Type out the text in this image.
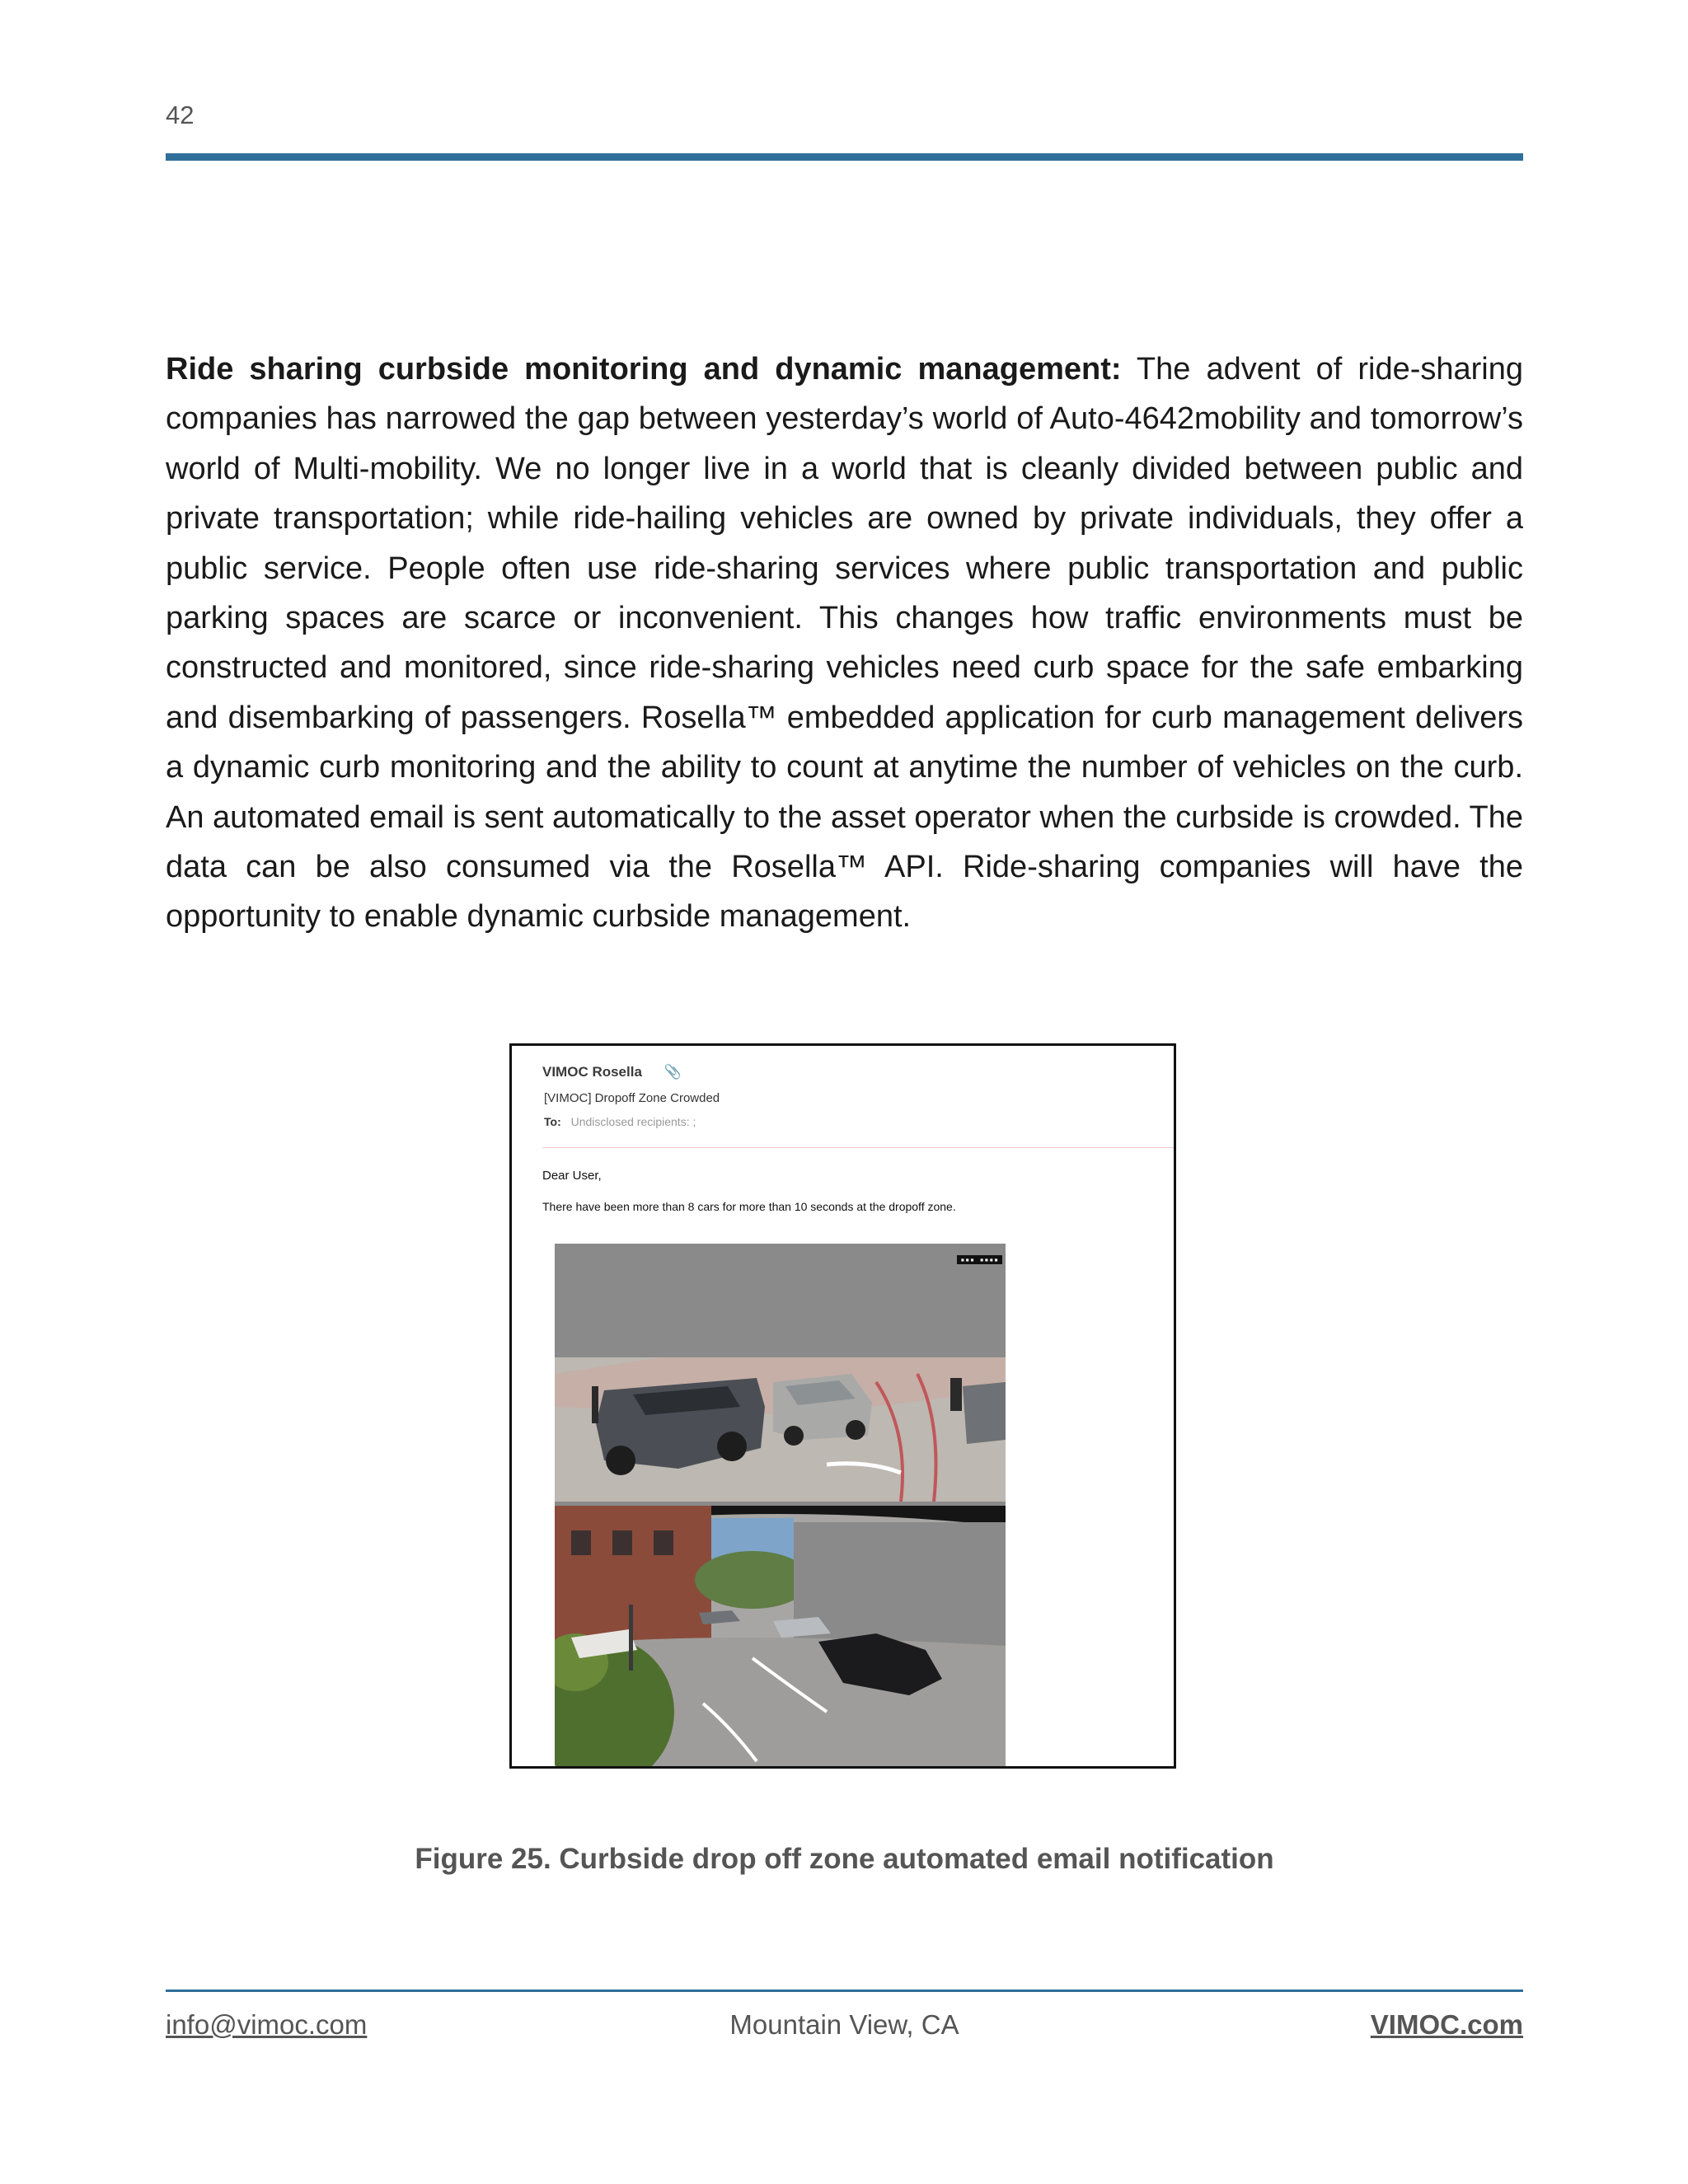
42

Ride sharing curbside monitoring and dynamic management: The advent of ride-sharing companies has narrowed the gap between yesterday’s world of Auto-4642mobility and tomorrow’s world of Multi-mobility. We no longer live in a world that is cleanly divided between public and private transportation; while ride-hailing vehicles are owned by private individuals, they offer a public service. People often use ride-sharing services where public transportation and public parking spaces are scarce or inconvenient. This changes how traffic environments must be constructed and monitored, since ride-sharing vehicles need curb space for the safe embarking and disembarking of passengers. Rosella™ embedded application for curb management delivers a dynamic curb monitoring and the ability to count at anytime the number of vehicles on the curb. An automated email is sent automatically to the asset operator when the curbside is crowded. The data can be also consumed via the Rosella™ API. Ride-sharing companies will have the opportunity to enable dynamic curbside management.

VIMOC Rosella 📎
[VIMOC] Dropoff Zone Crowded
To: Undisclosed recipients: ;
Dear User,
There have been more than 8 cars for more than 10 seconds at the dropoff zone.
▪▪▪ ▪▪▪▪
Figure 25. Curbside drop off zone automated email notification
info@vimoc.com	Mountain View, CA	VIMOC.com
